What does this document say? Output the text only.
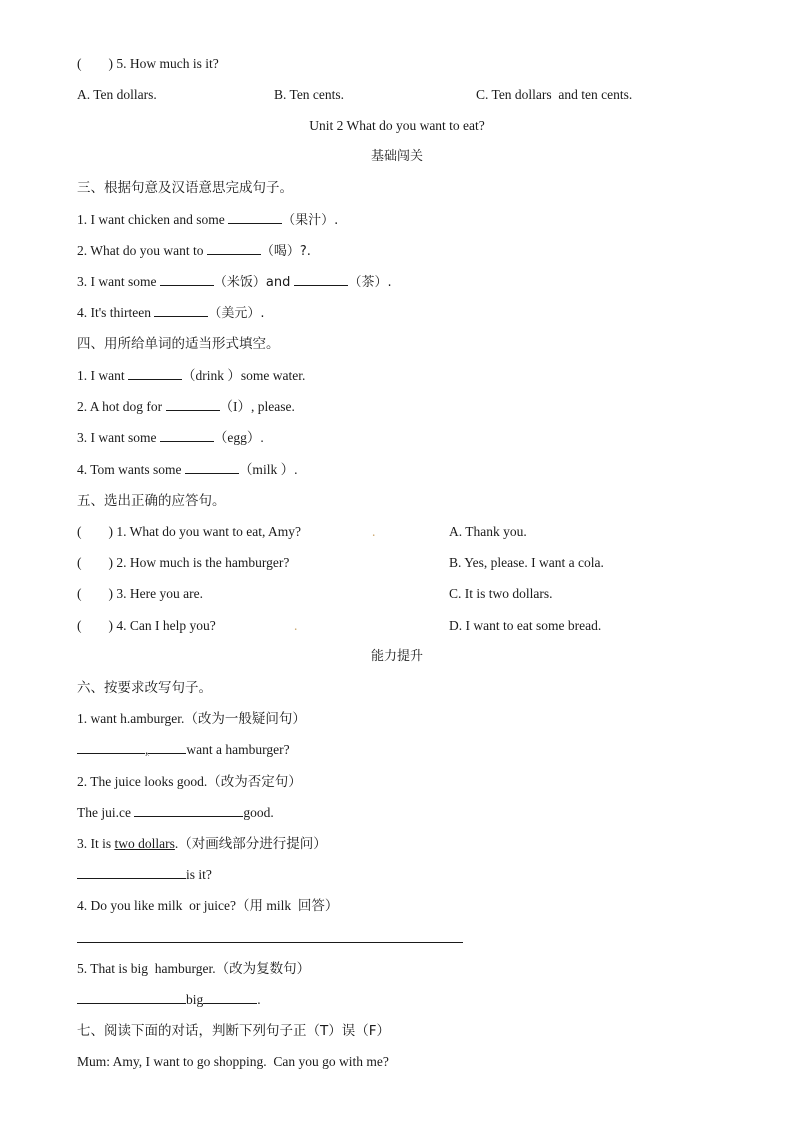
(        ) 5. How much is it?
A. Ten dollars.	B. Ten cents.	C. Ten dollars  and ten cents.
Unit 2 What do you want to eat?
基础闯关
三、根据句意及汉语意思完成句子。
1. I want chicken and some	（果汁）.
2. What do you want to	（喝）?.
3. I want some	（米饭）and	（茶）.
4. It's thirteen	（美元）.
四、用所给单词的适当形式填空。
1. I want	（drink ）some water.
2. A hot dog for	（I）, please.
3. I want some	（egg）.
4. Tom wants some	（milk ）.
五、选出正确的应答句。
(        ) 1. What do you want to eat, Amy?	.	A. Thank you.
(        ) 2. How much is the hamburger?	B. Yes, please. I want a cola.
(        ) 3. Here you are.	C. It is two dollars.
(        ) 4. Can I help you?	.	D. I want to eat some bread.
能力提升
六、按要求改写句子。
1. want h.amburger.（改为一般疑问句）
,	want a hamburger?
2. The juice looks good.（改为否定句）
The jui.ce	good.
3. It is two dollars.（对画线部分进行提问）
is it?
4. Do you like milk  or juice?（用 milk  回答）
5. That is big  hamburger.（改为复数句）
big	.
七、阅读下面的对话，判断下列句子正（T）误（F）
Mum: Amy, I want to go shopping.  Can you go with me?
